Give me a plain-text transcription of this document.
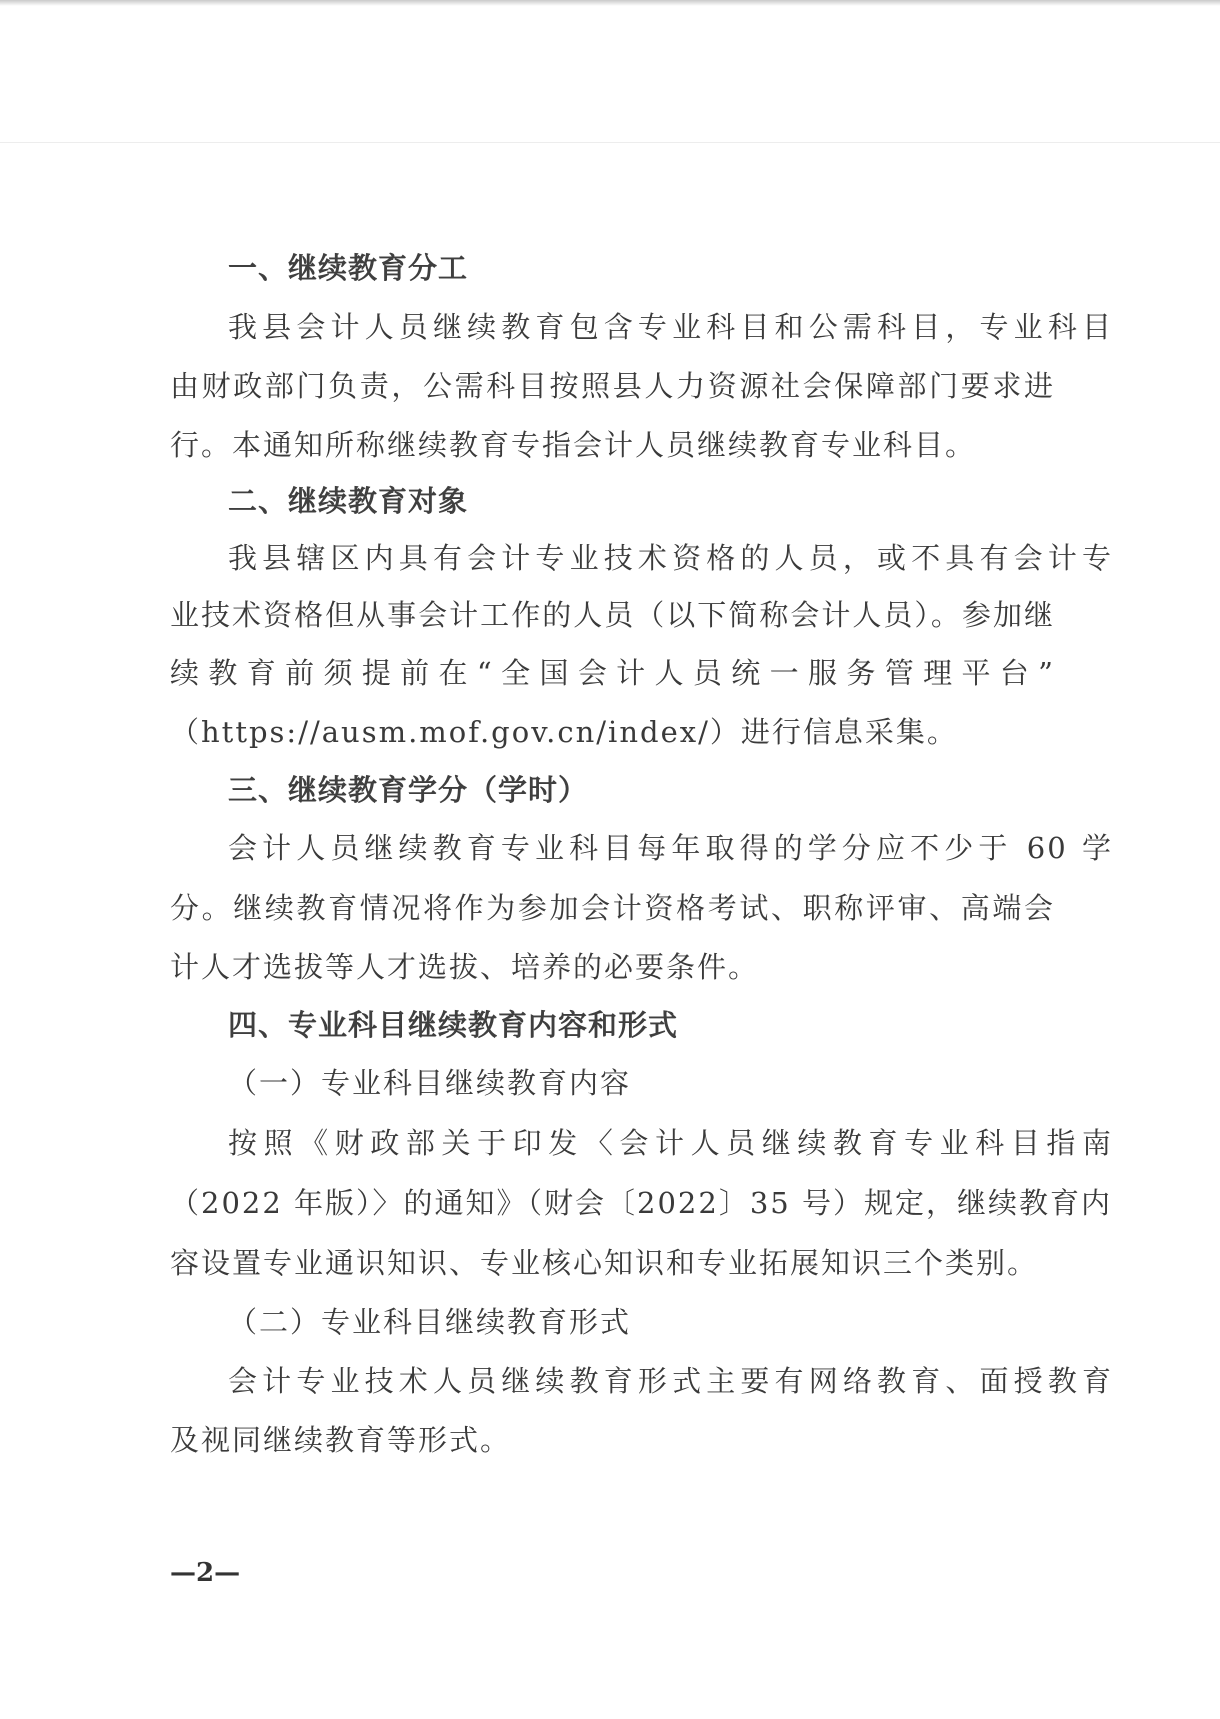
一、继续教育分工
我县会计人员继续教育包含专业科目和公需科目，专业科目
由财政部门负责，公需科目按照县人力资源社会保障部门要求进
行。本通知所称继续教育专指会计人员继续教育专业科目。
二、继续教育对象
我县辖区内具有会计专业技术资格的人员，或不具有会计专
业技术资格但从事会计工作的人员（以下简称会计人员）。参加继
续教育前须提前在“全国会计人员统一服务管理平台”
（https://ausm.mof.gov.cn/index/）进行信息采集。
三、继续教育学分（学时）
会计人员继续教育专业科目每年取得的学分应不少于 60 学
分。继续教育情况将作为参加会计资格考试、职称评审、高端会
计人才选拔等人才选拔、培养的必要条件。
四、专业科目继续教育内容和形式
（一）专业科目继续教育内容
按照《财政部关于印发〈会计人员继续教育专业科目指南
（2022 年版）〉的通知》（财会〔2022〕35 号）规定，继续教育内
容设置专业通识知识、专业核心知识和专业拓展知识三个类别。
（二）专业科目继续教育形式
会计专业技术人员继续教育形式主要有网络教育、面授教育
及视同继续教育等形式。
—2—
